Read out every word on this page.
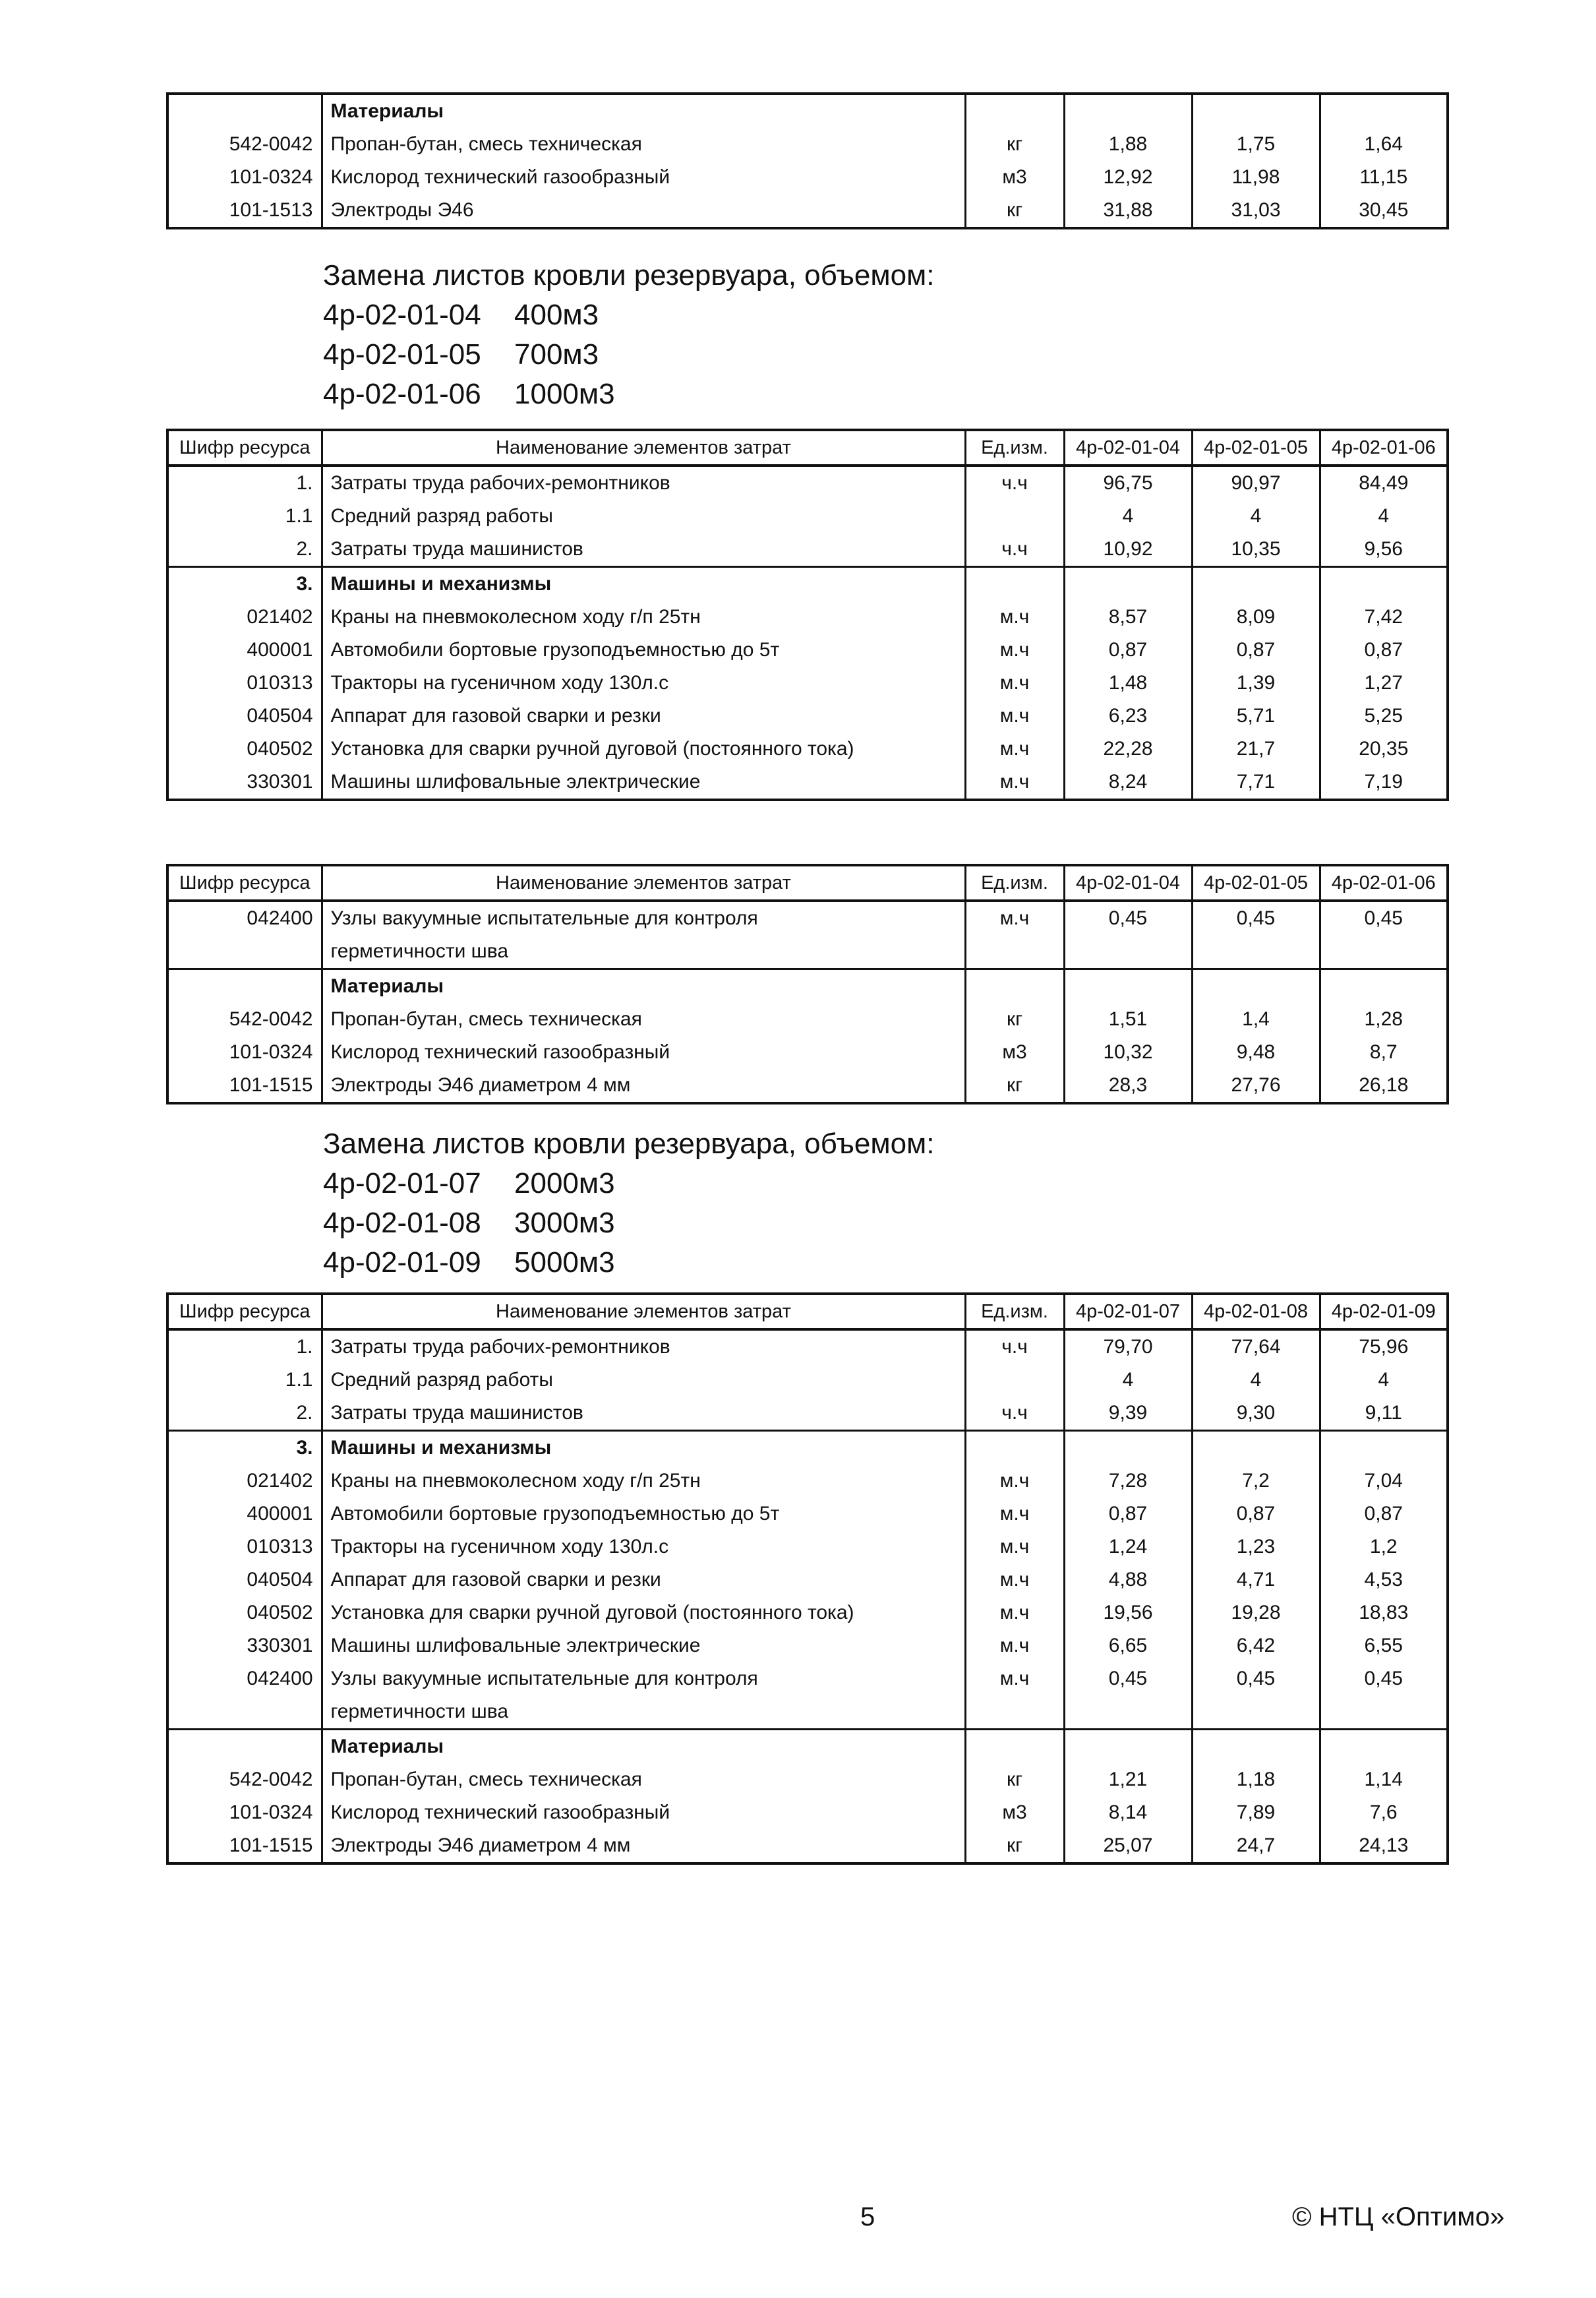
	Материалы				
542-0042	Пропан-бутан, смесь техническая	кг	1,88	1,75	1,64
101-0324	Кислород технический газообразный	м3	12,92	11,98	11,15
101-1513	Электроды Э46	кг	31,88	31,03	30,45
Замена листов кровли резервуара, объемом:
4р-02-01-04	400м3
4р-02-01-05	700м3
4р-02-01-06	1000м3
Шифр ресурса	Наименование элементов затрат	Ед.изм.	4р-02-01-04	4р-02-01-05	4р-02-01-06
1.	Затраты труда рабочих-ремонтников	ч.ч	96,75	90,97	84,49
1.1	Средний разряд работы		4	4	4
2.	Затраты труда машинистов	ч.ч	10,92	10,35	9,56
3.	Машины и механизмы				
021402	Краны на пневмоколесном ходу г/п 25тн	м.ч	8,57	8,09	7,42
400001	Автомобили бортовые грузоподъемностью до 5т	м.ч	0,87	0,87	0,87
010313	Тракторы на гусеничном ходу 130л.с	м.ч	1,48	1,39	1,27
040504	Аппарат для газовой сварки и резки	м.ч	6,23	5,71	5,25
040502	Установка для сварки ручной дуговой (постоянного тока)	м.ч	22,28	21,7	20,35
330301	Машины шлифовальные электрические	м.ч	8,24	7,71	7,19
Шифр ресурса	Наименование элементов затрат	Ед.изм.	4р-02-01-04	4р-02-01-05	4р-02-01-06
042400	Узлы вакуумные испытательные для контроля	м.ч	0,45	0,45	0,45
	герметичности шва				
	Материалы				
542-0042	Пропан-бутан, смесь техническая	кг	1,51	1,4	1,28
101-0324	Кислород технический газообразный	м3	10,32	9,48	8,7
101-1515	Электроды Э46 диаметром 4 мм	кг	28,3	27,76	26,18
Замена листов кровли резервуара, объемом:
4р-02-01-07	2000м3
4р-02-01-08	3000м3
4р-02-01-09	5000м3
Шифр ресурса	Наименование элементов затрат	Ед.изм.	4р-02-01-07	4р-02-01-08	4р-02-01-09
1.	Затраты труда рабочих-ремонтников	ч.ч	79,70	77,64	75,96
1.1	Средний разряд работы		4	4	4
2.	Затраты труда машинистов	ч.ч	9,39	9,30	9,11
3.	Машины и механизмы				
021402	Краны на пневмоколесном ходу г/п 25тн	м.ч	7,28	7,2	7,04
400001	Автомобили бортовые грузоподъемностью до 5т	м.ч	0,87	0,87	0,87
010313	Тракторы на гусеничном ходу 130л.с	м.ч	1,24	1,23	1,2
040504	Аппарат для газовой сварки и резки	м.ч	4,88	4,71	4,53
040502	Установка для сварки ручной дуговой (постоянного тока)	м.ч	19,56	19,28	18,83
330301	Машины шлифовальные электрические	м.ч	6,65	6,42	6,55
042400	Узлы вакуумные испытательные для контроля	м.ч	0,45	0,45	0,45
	герметичности шва				
	Материалы				
542-0042	Пропан-бутан, смесь техническая	кг	1,21	1,18	1,14
101-0324	Кислород технический газообразный	м3	8,14	7,89	7,6
101-1515	Электроды Э46 диаметром 4 мм	кг	25,07	24,7	24,13
5	© НТЦ «Оптимо»
